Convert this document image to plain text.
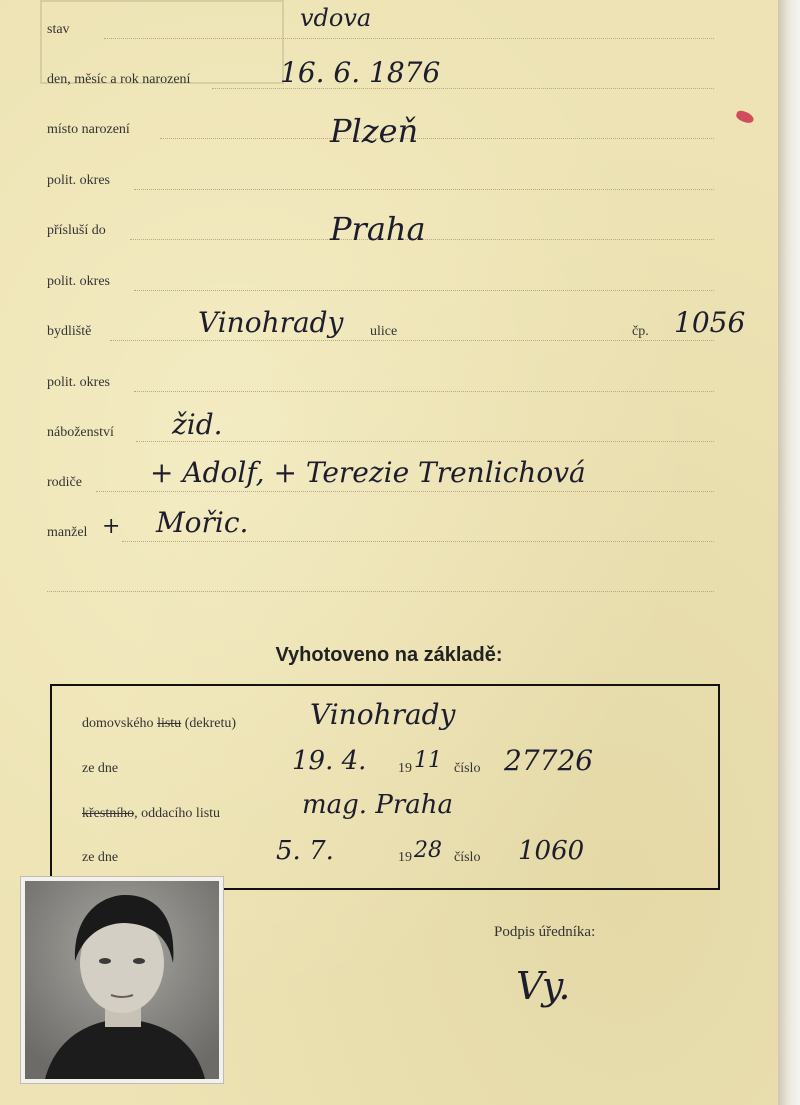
stav	vdova
den, měsíc a rok narození	16. 6. 1876
místo narození	Plzeň
polit. okres
přísluší do	Praha
polit. okres
bydliště	Vinohrady ulice	čp. 1056
polit. okres
náboženství žid.
rodiče + Adolf, + Terezie Trenlichová
manžel + Mořic.
Vyhotoveno na základě:
domovského listu (dekretu)	Vinohrady
ze dne	19. 4. 19 11 číslo 27726
křestního, oddacího listu	mag. Praha
ze dne	5. 7.	19 28 číslo 1060
Podpis úředníka:
Vy.
